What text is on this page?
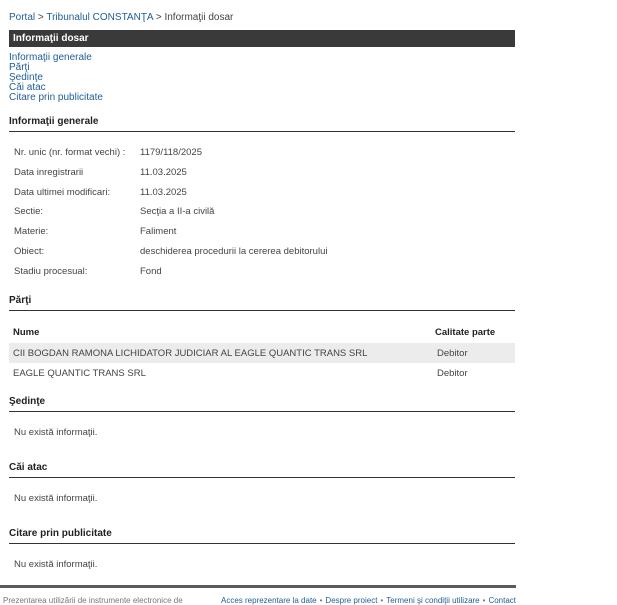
Portal > Tribunalul CONSTANŢA > Informaţii dosar
Informaţii dosar
Informaţii generale
Părţi
Şedinţe
Căi atac
Citare prin publicitate
Informaţii generale
Nr. unic (nr. format vechi) : 1179/118/2025
Data inregistrarii	11.03.2025
Data ultimei modificari:	11.03.2025
Sectie:	Secţia a II-a civilă
Materie:	Faliment
Obiect:	deschiderea procedurii la cererea debitorului
Stadiu procesual:	Fond
Părţi
Nume	Calitate parte
CII BOGDAN RAMONA LICHIDATOR JUDICIAR AL EAGLE QUANTIC TRANS SRL	Debitor
EAGLE QUANTIC TRANS SRL	Debitor
Şedinţe
Nu există informaţii.
Căi atac
Nu există informaţii.
Citare prin publicitate
Nu există informaţii.
Prezentarea utilizării de instrumente electronice de	Acces reprezentare la date • Despre proiect • Termeni şi condiţii utilizare • Contact
